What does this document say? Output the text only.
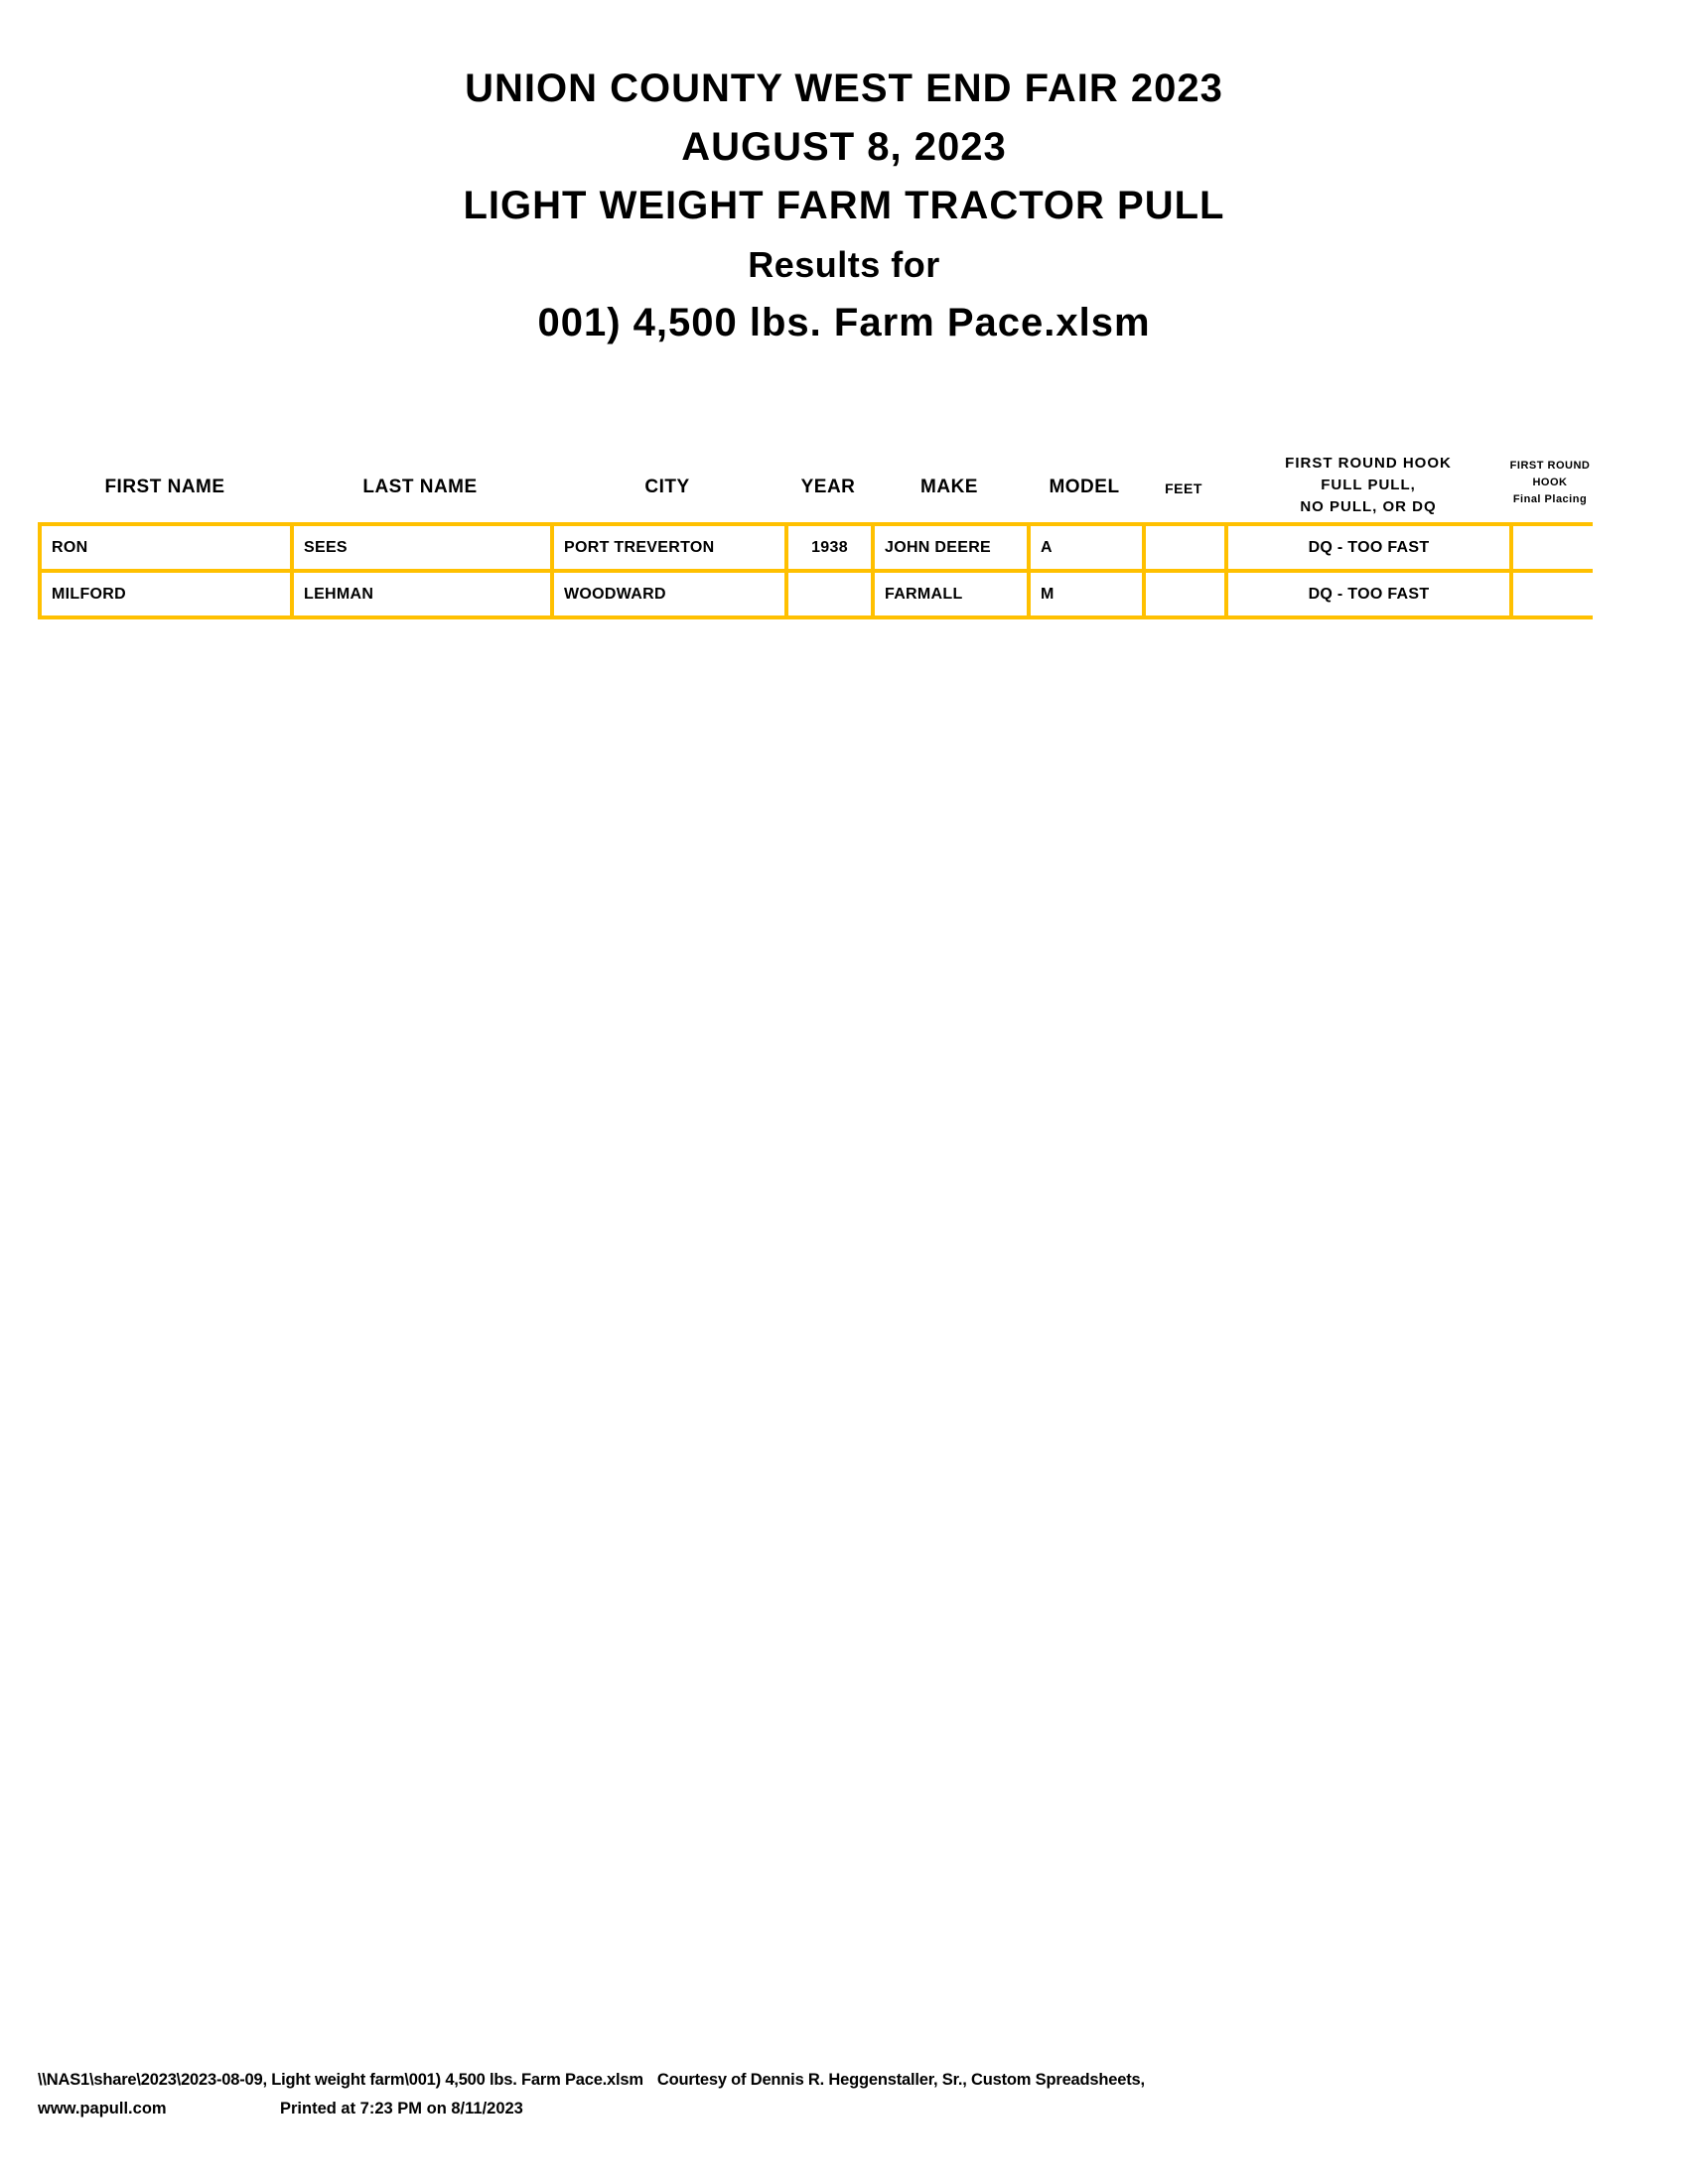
UNION COUNTY WEST END FAIR 2023
AUGUST 8, 2023
LIGHT WEIGHT FARM TRACTOR PULL
Results for
001) 4,500 lbs. Farm Pace.xlsm
FIRST NAME	LAST NAME	CITY	YEAR	MAKE	MODEL	FEET
FIRST ROUND HOOK
FULL PULL,
NO PULL, OR DQ
FIRST ROUND
HOOK
Final Placing
RON	SEES	PORT TREVERTON	1938	JOHN DEERE	A		DQ - TOO FAST	
MILFORD	LEHMAN	WOODWARD		FARMALL	M		DQ - TOO FAST	
\\NAS1\share\2023\2023-08-09, Light weight farm\001) 4,500 lbs. Farm Pace.xlsm Courtesy of Dennis R. Heggenstaller, Sr., Custom Spreadsheets,
www.papull.com	Printed at 7:23 PM on 8/11/2023
